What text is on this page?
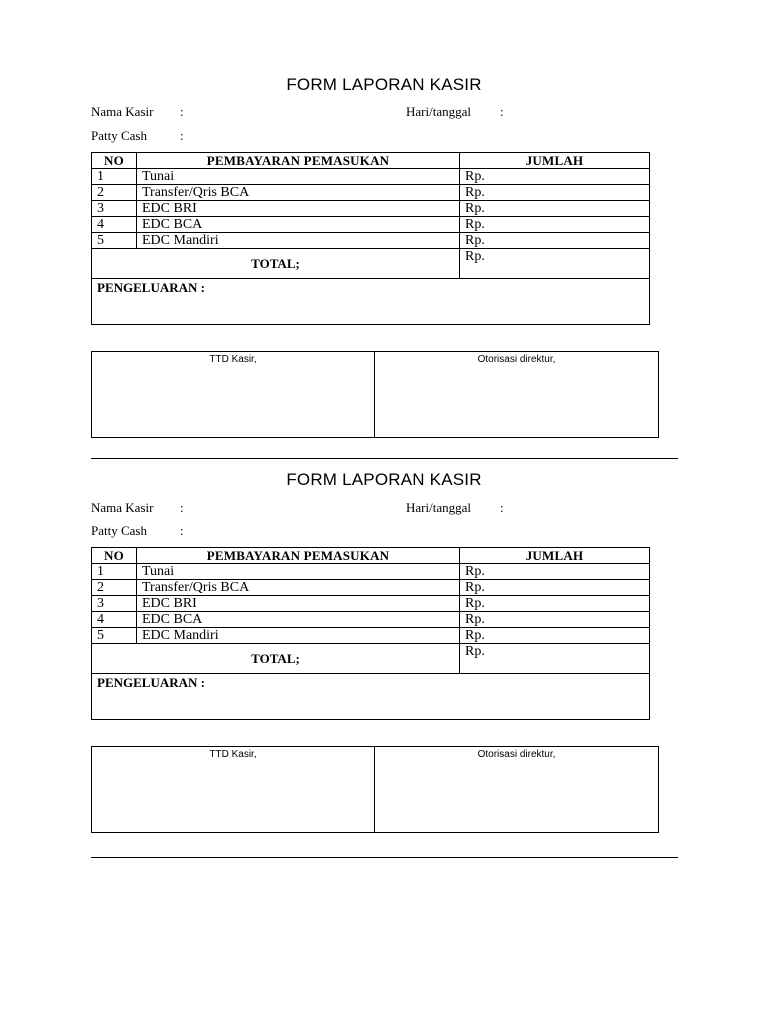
FORM LAPORAN KASIR
Nama Kasir :	Hari/tanggal :
Patty Cash	:
NO	PEMBAYARAN PEMASUKAN	JUMLAH
1	Tunai	Rp.
2	Transfer/Qris BCA	Rp.
3	EDC BRI	Rp.
4	EDC BCA	Rp.
5	EDC Mandiri	Rp.
TOTAL;		Rp.
PENGELUARAN :		
TTD Kasir,	Otorisasi direktur,
FORM LAPORAN KASIR
Nama Kasir :	Hari/tanggal :
Patty Cash	:
NO	PEMBAYARAN PEMASUKAN	JUMLAH
1	Tunai	Rp.
2	Transfer/Qris BCA	Rp.
3	EDC BRI	Rp.
4	EDC BCA	Rp.
5	EDC Mandiri	Rp.
TOTAL;		Rp.
PENGELUARAN :		
TTD Kasir,	Otorisasi direktur,
